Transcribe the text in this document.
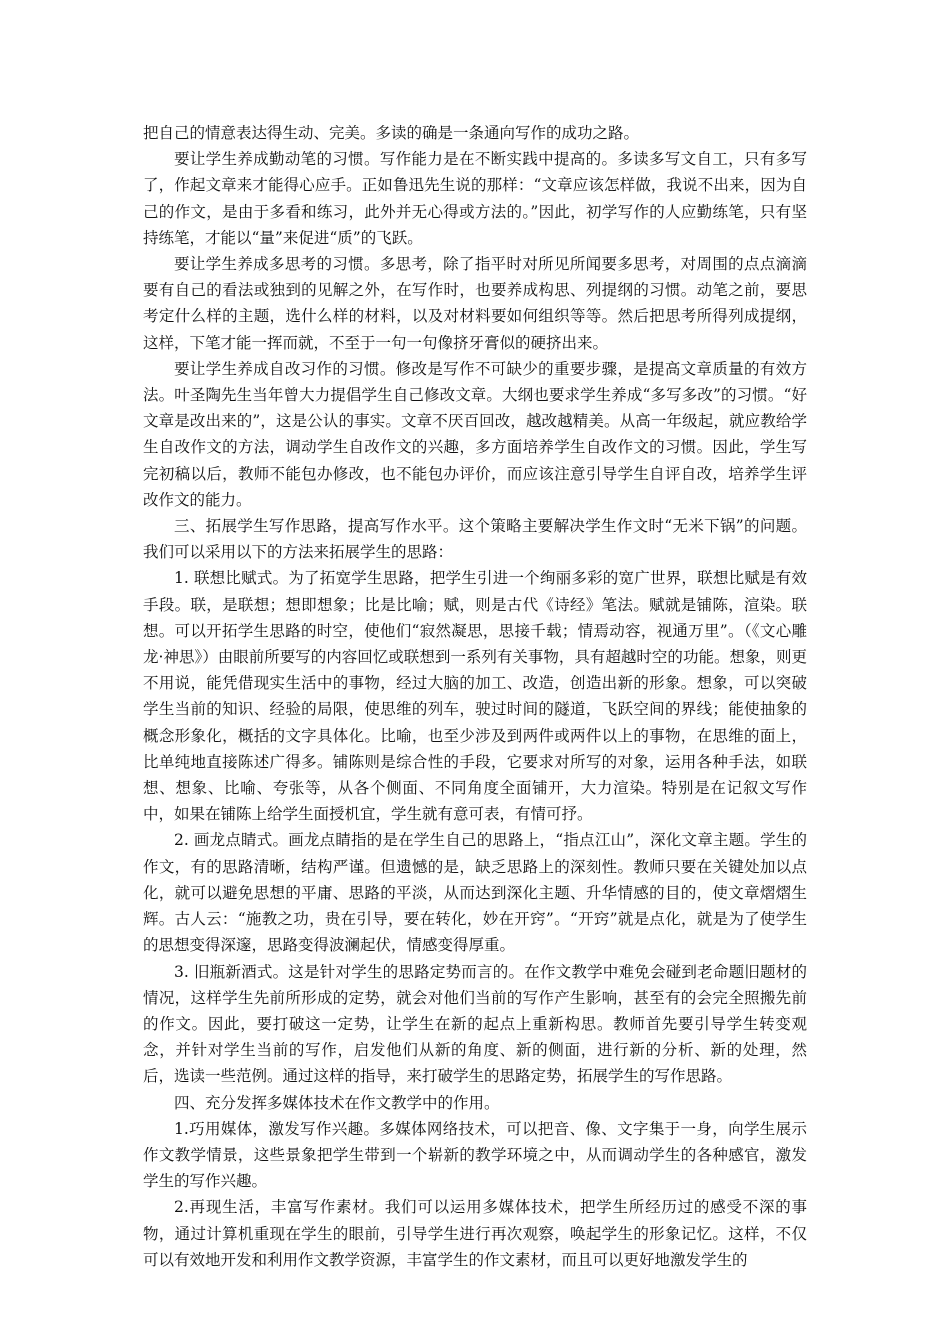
把自己的情意表达得生动、完美。多读的确是一条通向写作的成功之路。

要让学生养成勤动笔的习惯。写作能力是在不断实践中提高的。多读多写文自工，只有多写了，作起文章来才能得心应手。正如鲁迅先生说的那样：“文章应该怎样做，我说不出来，因为自己的作文，是由于多看和练习，此外并无心得或方法的。”因此，初学写作的人应勤练笔，只有坚持练笔，才能以“量”来促进“质”的飞跃。

要让学生养成多思考的习惯。多思考，除了指平时对所见所闻要多思考，对周围的点点滴滴要有自己的看法或独到的见解之外，在写作时，也要养成构思、列提纲的习惯。动笔之前，要思考定什么样的主题，选什么样的材料，以及对材料要如何组织等等。然后把思考所得列成提纲，这样，下笔才能一挥而就，不至于一句一句像挤牙膏似的硬挤出来。

要让学生养成自改习作的习惯。修改是写作不可缺少的重要步骤，是提高文章质量的有效方法。叶圣陶先生当年曾大力提倡学生自己修改文章。大纲也要求学生养成“多写多改”的习惯。“好文章是改出来的”，这是公认的事实。文章不厌百回改，越改越精美。从高一年级起，就应教给学生自改作文的方法，调动学生自改作文的兴趣，多方面培养学生自改作文的习惯。因此，学生写完初稿以后，教师不能包办修改，也不能包办评价，而应该注意引导学生自评自改，培养学生评改作文的能力。

三、拓展学生写作思路，提高写作水平。这个策略主要解决学生作文时“无米下锅”的问题。我们可以采用以下的方法来拓展学生的思路：

1. 联想比赋式。为了拓宽学生思路，把学生引进一个绚丽多彩的宽广世界，联想比赋是有效手段。联，是联想；想即想象；比是比喻；赋，则是古代《诗经》笔法。赋就是铺陈，渲染。联想。可以开拓学生思路的时空，使他们“寂然凝思，思接千载；情焉动容，视通万里”。（《文心雕龙·神思》）由眼前所要写的内容回忆或联想到一系列有关事物，具有超越时空的功能。想象，则更不用说，能凭借现实生活中的事物，经过大脑的加工、改造，创造出新的形象。想象，可以突破学生当前的知识、经验的局限，使思维的列车，驶过时间的隧道，飞跃空间的界线；能使抽象的概念形象化，概括的文字具体化。比喻，也至少涉及到两件或两件以上的事物，在思维的面上，比单纯地直接陈述广得多。铺陈则是综合性的手段，它要求对所写的对象，运用各种手法，如联想、想象、比喻、夸张等，从各个侧面、不同角度全面铺开，大力渲染。特别是在记叙文写作中，如果在铺陈上给学生面授机宜，学生就有意可表，有情可抒。

2. 画龙点睛式。画龙点睛指的是在学生自己的思路上，“指点江山”，深化文章主题。学生的作文，有的思路清晰，结构严谨。但遗憾的是，缺乏思路上的深刻性。教师只要在关键处加以点化，就可以避免思想的平庸、思路的平淡，从而达到深化主题、升华情感的目的，使文章熠熠生辉。古人云：“施教之功，贵在引导，要在转化，妙在开窍”。“开窍”就是点化，就是为了使学生的思想变得深邃，思路变得波澜起伏，情感变得厚重。

3. 旧瓶新酒式。这是针对学生的思路定势而言的。在作文教学中难免会碰到老命题旧题材的情况，这样学生先前所形成的定势，就会对他们当前的写作产生影响，甚至有的会完全照搬先前的作文。因此，要打破这一定势，让学生在新的起点上重新构思。教师首先要引导学生转变观念，并针对学生当前的写作，启发他们从新的角度、新的侧面，进行新的分析、新的处理，然后，选读一些范例。通过这样的指导，来打破学生的思路定势，拓展学生的写作思路。

四、充分发挥多媒体技术在作文教学中的作用。

1.巧用媒体，激发写作兴趣。多媒体网络技术，可以把音、像、文字集于一身，向学生展示作文教学情景，这些景象把学生带到一个崭新的教学环境之中，从而调动学生的各种感官，激发学生的写作兴趣。

2.再现生活，丰富写作素材。我们可以运用多媒体技术，把学生所经历过的感受不深的事物，通过计算机重现在学生的眼前，引导学生进行再次观察，唤起学生的形象记忆。这样，不仅可以有效地开发和利用作文教学资源，丰富学生的作文素材，而且可以更好地激发学生的
